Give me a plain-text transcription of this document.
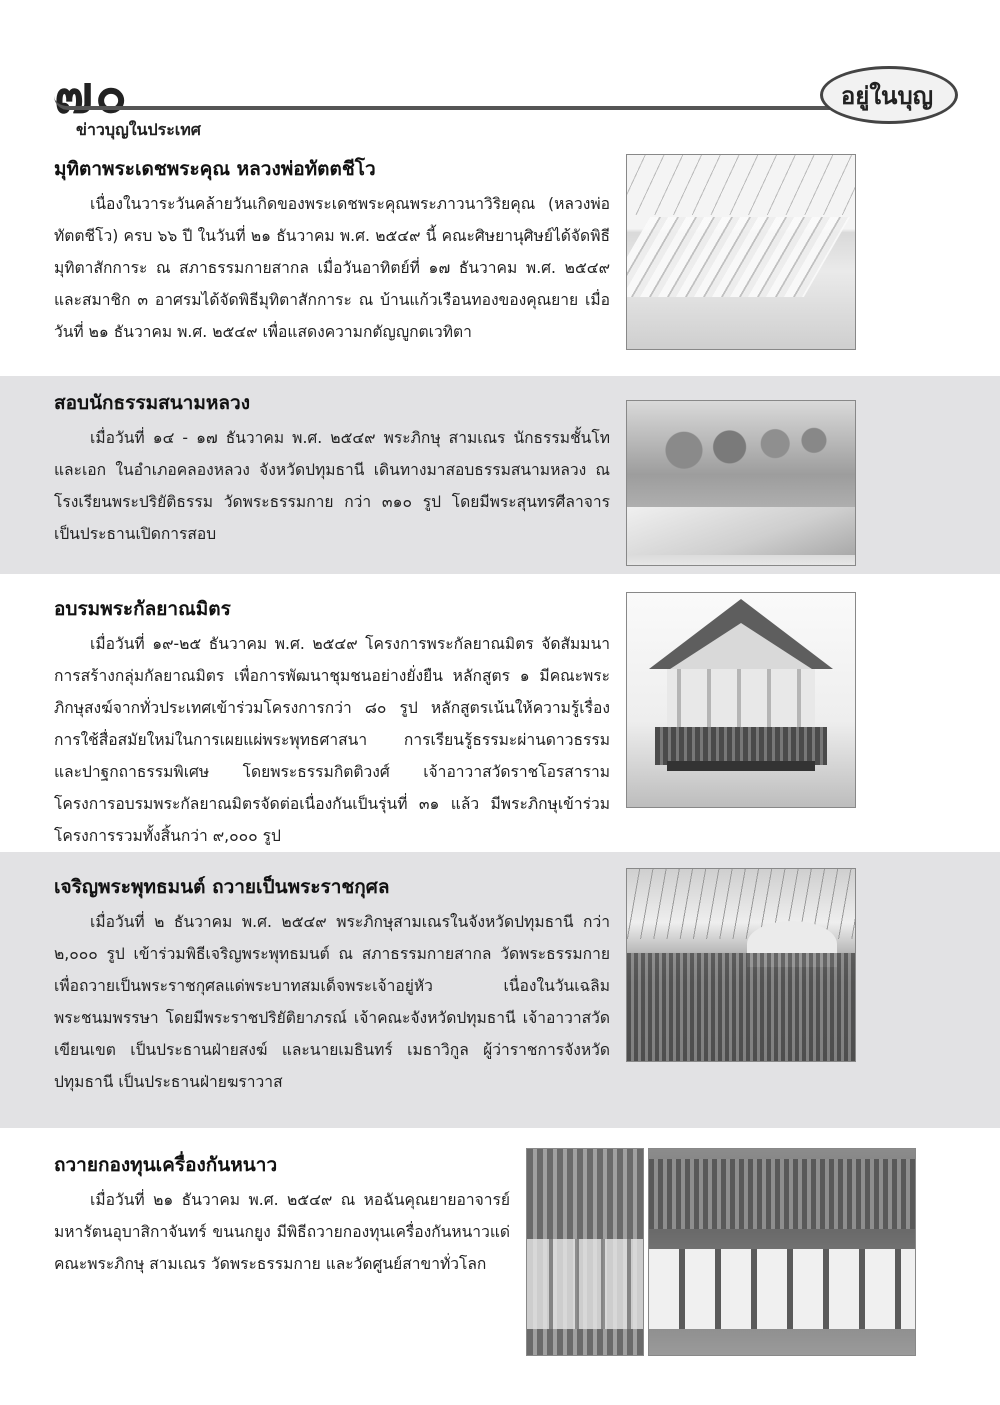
๗๐	อยู่ในบุญ
ข่าวบุญในประเทศ
มุทิตาพระเดชพระคุณ หลวงพ่อทัตตชีโว

เนื่องในวาระวันคล้ายวันเกิดของพระเดชพระคุณพระภาวนาวิริยคุณ (หลวงพ่อทัตตชีโว) ครบ ๖๖ ปี ในวันที่ ๒๑ ธันวาคม พ.ศ. ๒๕๔๙ นี้ คณะศิษยานุศิษย์ได้จัดพิธีมุทิตาสักการะ ณ สภาธรรมกายสากล เมื่อวันอาทิตย์ที่ ๑๗ ธันวาคม พ.ศ. ๒๕๔๙ และสมาชิก ๓ อาศรมได้จัดพิธีมุทิตาสักการะ ณ บ้านแก้วเรือนทองของคุณยาย เมื่อวันที่ ๒๑ ธันวาคม พ.ศ. ๒๕๔๙ เพื่อแสดงความกตัญญูกตเวทิตา

สอบนักธรรมสนามหลวง

เมื่อวันที่ ๑๔ - ๑๗ ธันวาคม พ.ศ. ๒๕๔๙ พระภิกษุ สามเณร นักธรรมชั้นโท และเอก ในอำเภอคลองหลวง จังหวัดปทุมธานี เดินทางมาสอบธรรมสนามหลวง ณ โรงเรียนพระปริยัติธรรม วัดพระธรรมกาย กว่า ๓๑๐ รูป โดยมีพระสุนทรศีลาจาร เป็นประธานเปิดการสอบ

อบรมพระกัลยาณมิตร

เมื่อวันที่ ๑๙-๒๕ ธันวาคม พ.ศ. ๒๕๔๙ โครงการพระกัลยาณมิตร จัดสัมมนาการสร้างกลุ่มกัลยาณมิตร เพื่อการพัฒนาชุมชนอย่างยั่งยืน หลักสูตร ๑ มีคณะพระภิกษุสงฆ์จากทั่วประเทศเข้าร่วมโครงการกว่า ๘๐ รูป หลักสูตรเน้นให้ความรู้เรื่องการใช้สื่อสมัยใหม่ในการเผยแผ่พระพุทธศาสนา การเรียนรู้ธรรมะผ่านดาวธรรม และปาฐกถาธรรมพิเศษ โดยพระธรรมกิตติวงศ์ เจ้าอาวาสวัดราชโอรสาราม โครงการอบรมพระกัลยาณมิตรจัดต่อเนื่องกันเป็นรุ่นที่ ๓๑ แล้ว มีพระภิกษุเข้าร่วมโครงการรวมทั้งสิ้นกว่า ๙,๐๐๐ รูป

เจริญพระพุทธมนต์ ถวายเป็นพระราชกุศล

เมื่อวันที่ ๒ ธันวาคม พ.ศ. ๒๕๔๙ พระภิกษุสามเณรในจังหวัดปทุมธานี กว่า ๒,๐๐๐ รูป เข้าร่วมพิธีเจริญพระพุทธมนต์ ณ สภาธรรมกายสากล วัดพระธรรมกาย เพื่อถวายเป็นพระราชกุศลแด่พระบาทสมเด็จพระเจ้าอยู่หัว เนื่องในวันเฉลิมพระชนมพรรษา โดยมีพระราชปริยัติยาภรณ์ เจ้าคณะจังหวัดปทุมธานี เจ้าอาวาสวัดเขียนเขต เป็นประธานฝ่ายสงฆ์ และนายเมธินทร์ เมธาวิกูล ผู้ว่าราชการจังหวัดปทุมธานี เป็นประธานฝ่ายฆราวาส

ถวายกองทุนเครื่องกันหนาว

เมื่อวันที่ ๒๑ ธันวาคม พ.ศ. ๒๕๔๙ ณ หอฉันคุณยายอาจารย์มหารัตนอุบาสิกาจันทร์ ขนนกยูง มีพิธีถวายกองทุนเครื่องกันหนาวแด่คณะพระภิกษุ สามเณร วัดพระธรรมกาย และวัดศูนย์สาขาทั่วโลก
